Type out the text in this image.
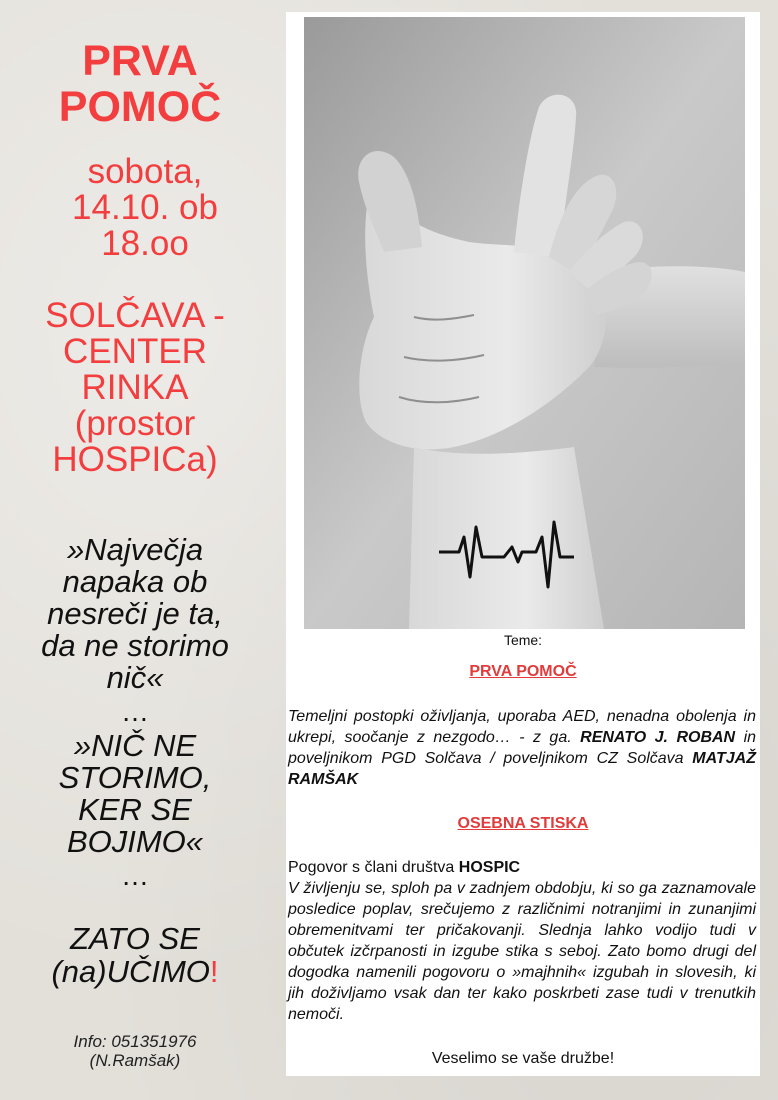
PRVA
POMOČ
sobota,
14.10. ob
18.oo
SOLČAVA -
CENTER
RINKA
(prostor
HOSPICa)
»Največja
napaka ob
nesreči je ta,
da ne storimo
nič«
…
»NIČ NE
STORIMO,
KER SE
BOJIMO«
…
ZATO SE
(na)UČIMO!
Info: 051351976
(N.Ramšak)
Teme:
PRVA POMOČ
Temeljni postopki oživljanja, uporaba AED, nenadna obolenja in ukrepi, soočanje z nezgodo… - z ga. RENATO J. ROBAN in poveljnikom PGD Solčava / poveljnikom CZ Solčava MATJAŽ RAMŠAK
OSEBNA STISKA
Pogovor s člani društva HOSPIC
V življenju se, sploh pa v zadnjem obdobju, ki so ga zaznamovale posledice poplav, srečujemo z različnimi notranjimi in zunanjimi obremenitvami ter pričakovanji. Slednja lahko vodijo tudi v občutek izčrpanosti in izgube stika s seboj. Zato bomo drugi del dogodka namenili pogovoru o »majhnih« izgubah in slovesih, ki jih doživljamo vsak dan ter kako poskrbeti zase tudi v trenutkih nemoči.
Veselimo se vaše družbe!
